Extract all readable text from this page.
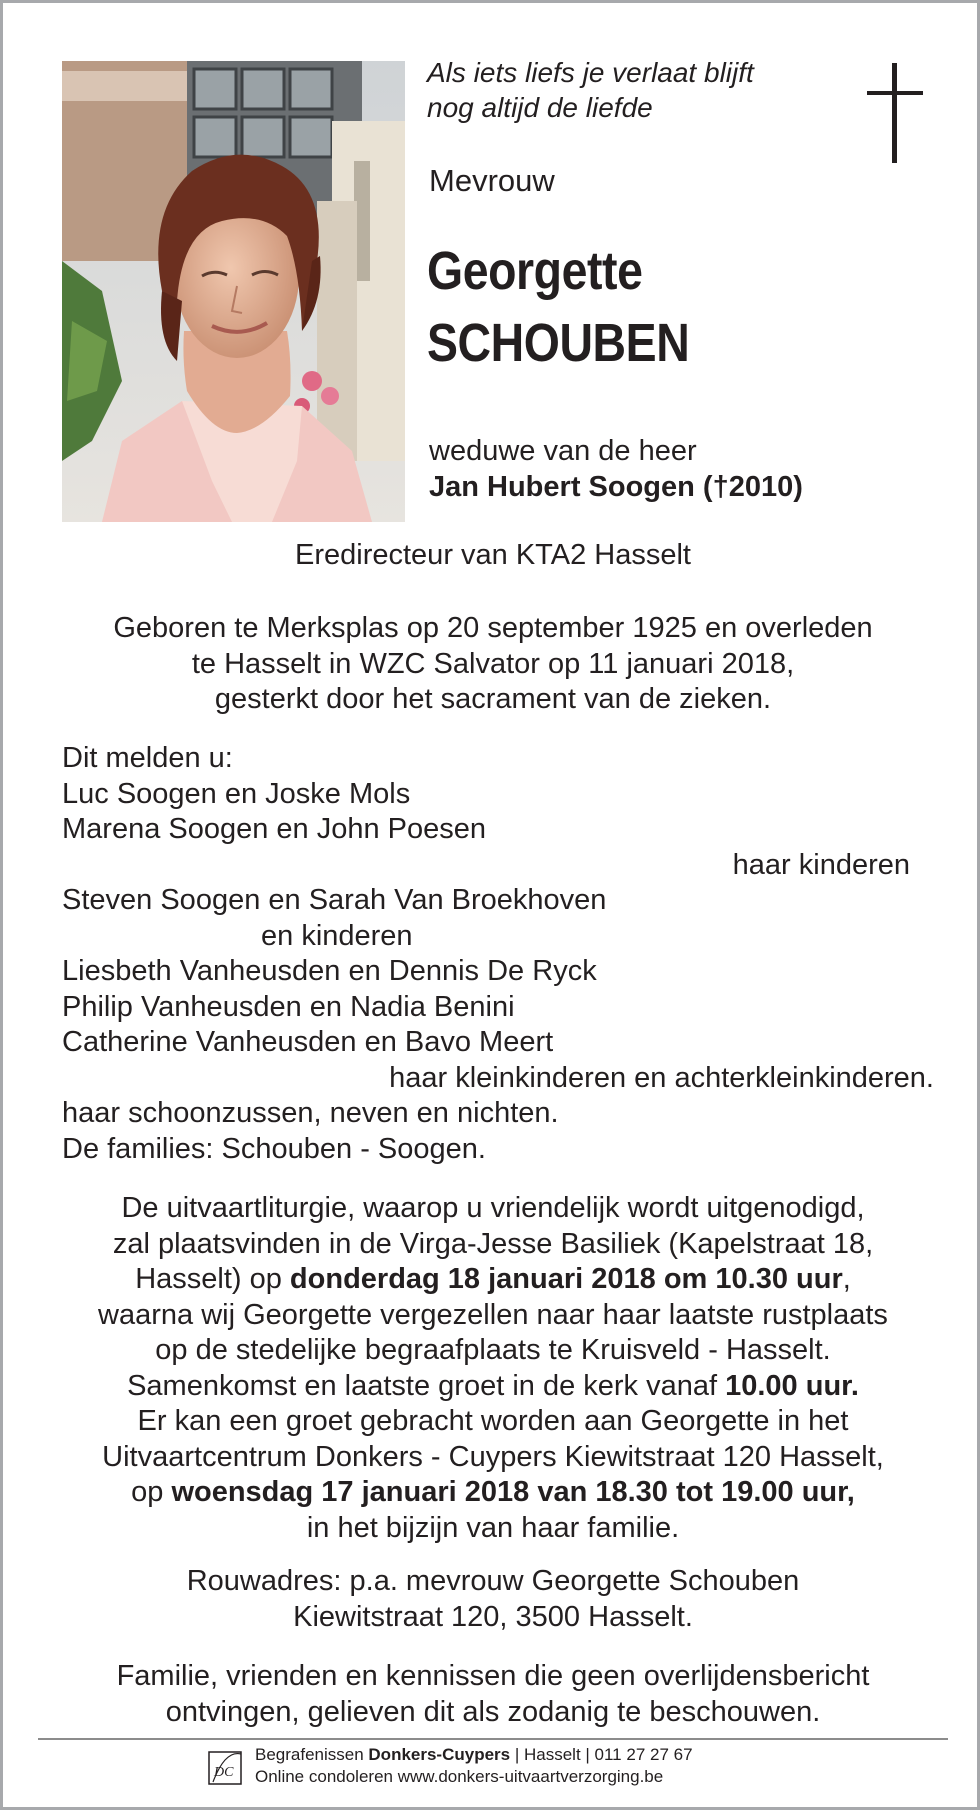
Als iets liefs je verlaat blijft
nog altijd de liefde
Mevrouw
Georgette
SCHOUBEN
weduwe van de heer
Jan Hubert Soogen (†2010)
Eredirecteur van KTA2 Hasselt
Geboren te Merksplas op 20 september 1925 en overleden
te Hasselt in WZC Salvator op 11 januari 2018,
gesterkt door het sacrament van de zieken.
Dit melden u:
Luc Soogen en Joske Mols
Marena Soogen en John Poesen
haar kinderen
Steven Soogen en Sarah Van Broekhoven
en kinderen
Liesbeth Vanheusden en Dennis De Ryck
Philip Vanheusden en Nadia Benini
Catherine Vanheusden en Bavo Meert
haar kleinkinderen en achterkleinkinderen.
haar schoonzussen, neven en nichten.
De families: Schouben - Soogen.
De uitvaartliturgie, waarop u vriendelijk wordt uitgenodigd,
zal plaatsvinden in de Virga-Jesse Basiliek (Kapelstraat 18,
Hasselt) op donderdag 18 januari 2018 om 10.30 uur,
waarna wij Georgette vergezellen naar haar laatste rustplaats
op de stedelijke begraafplaats te Kruisveld - Hasselt.
Samenkomst en laatste groet in de kerk vanaf 10.00 uur.
Er kan een groet gebracht worden aan Georgette in het
Uitvaartcentrum Donkers - Cuypers Kiewitstraat 120 Hasselt,
op woensdag 17 januari 2018 van 18.30 tot 19.00 uur,
in het bijzijn van haar familie.
Rouwadres: p.a. mevrouw Georgette Schouben
Kiewitstraat 120, 3500 Hasselt.
Familie, vrienden en kennissen die geen overlijdensbericht
ontvingen, gelieven dit als zodanig te beschouwen.
DC
Begrafenissen Donkers-Cuypers | Hasselt | 011 27 27 67
Online condoleren www.donkers-uitvaartverzorging.be
